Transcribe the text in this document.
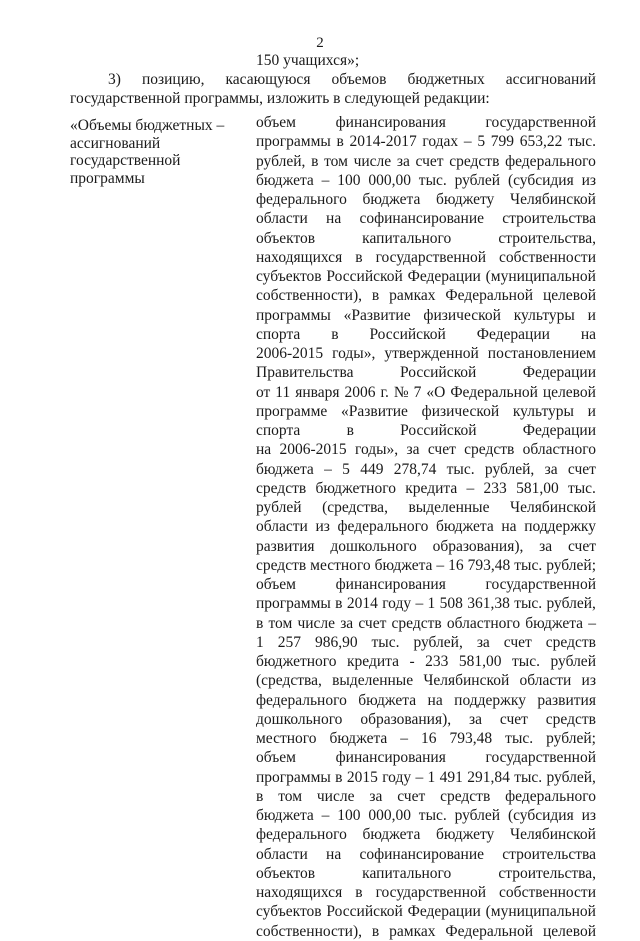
2
150 учащихся»;
3) позицию, касающуюся объемов бюджетных ассигнований
государственной программы, изложить в следующей редакции:
«Объемы бюджетных –
ассигнований
государственной
программы
объем	финансирования	государственной
программы в 2014-2017 годах – 5 799 653,22 тыс.
рублей, в том числе за счет средств федерального
бюджета – 100 000,00 тыс. рублей (субсидия из
федерального бюджета бюджету Челябинской
области на софинансирование строительства
объектов	капитального	строительства,
находящихся в государственной собственности
субъектов Российской Федерации (муниципальной
собственности), в рамках Федеральной целевой
программы «Развитие физической культуры и
спорта в Российской Федерации на
2006-2015 годы», утвержденной постановлением
Правительства	Российской	Федерации
от 11 января 2006 г. № 7 «О Федеральной целевой
программе «Развитие физической культуры и
спорта	в	Российской	Федерации
на 2006-2015 годы», за счет средств областного
бюджета – 5 449 278,74 тыс. рублей, за счет
средств бюджетного кредита – 233 581,00 тыс.
рублей (средства, выделенные Челябинской
области из федерального бюджета на поддержку
развития дошкольного образования), за счет
средств местного бюджета – 16 793,48 тыс. рублей;
объем	финансирования	государственной
программы в 2014 году – 1 508 361,38 тыс. рублей,
в том числе за счет средств областного бюджета –
1 257 986,90 тыс. рублей, за счет средств
бюджетного кредита - 233 581,00 тыс. рублей
(средства, выделенные Челябинской области из
федерального бюджета на поддержку развития
дошкольного образования), за счет средств
местного бюджета – 16 793,48 тыс. рублей;
объем	финансирования	государственной
программы в 2015 году – 1 491 291,84 тыс. рублей,
в том числе за счет средств федерального
бюджета – 100 000,00 тыс. рублей (субсидия из
федерального бюджета бюджету Челябинской
области на софинансирование строительства
объектов	капитального	строительства,
находящихся в государственной собственности
субъектов Российской Федерации (муниципальной
собственности), в рамках Федеральной целевой
